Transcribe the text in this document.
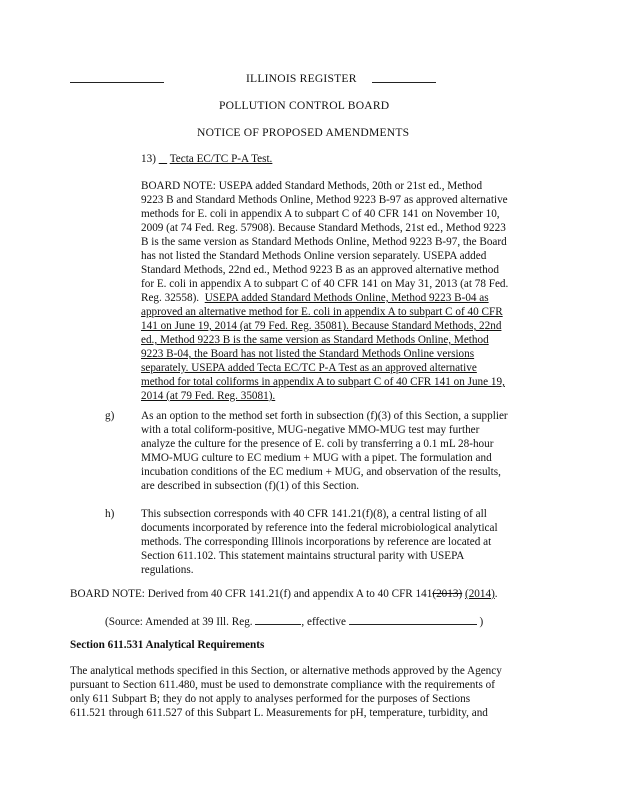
ILLINOIS REGISTER
POLLUTION CONTROL BOARD
NOTICE OF PROPOSED AMENDMENTS
13) Tecta EC/TC P-A Test.
BOARD NOTE: USEPA added Standard Methods, 20th or 21st ed., Method
9223 B and Standard Methods Online, Method 9223 B-97 as approved alternative
methods for E. coli in appendix A to subpart C of 40 CFR 141 on November 10,
2009 (at 74 Fed. Reg. 57908). Because Standard Methods, 21st ed., Method 9223
B is the same version as Standard Methods Online, Method 9223 B-97, the Board
has not listed the Standard Methods Online version separately. USEPA added
Standard Methods, 22nd ed., Method 9223 B as an approved alternative method
for E. coli in appendix A to subpart C of 40 CFR 141 on May 31, 2013 (at 78 Fed.
Reg. 32558). USEPA added Standard Methods Online, Method 9223 B-04 as
approved an alternative method for E. coli in appendix A to subpart C of 40 CFR
141 on June 19, 2014 (at 79 Fed. Reg. 35081). Because Standard Methods, 22nd
ed., Method 9223 B is the same version as Standard Methods Online, Method
9223 B-04, the Board has not listed the Standard Methods Online versions
separately. USEPA added Tecta EC/TC P-A Test as an approved alternative
method for total coliforms in appendix A to subpart C of 40 CFR 141 on June 19,
2014 (at 79 Fed. Reg. 35081).
g) As an option to the method set forth in subsection (f)(3) of this Section, a supplier
with a total coliform-positive, MUG-negative MMO-MUG test may further
analyze the culture for the presence of E. coli by transferring a 0.1 mL 28-hour
MMO-MUG culture to EC medium + MUG with a pipet. The formulation and
incubation conditions of the EC medium + MUG, and observation of the results,
are described in subsection (f)(1) of this Section.
h) This subsection corresponds with 40 CFR 141.21(f)(8), a central listing of all
documents incorporated by reference into the federal microbiological analytical
methods. The corresponding Illinois incorporations by reference are located at
Section 611.102. This statement maintains structural parity with USEPA
regulations.
BOARD NOTE: Derived from 40 CFR 141.21(f) and appendix A to 40 CFR 141(2013) (2014).
(Source: Amended at 39 Ill. Reg.	, effective	)
Section 611.531 Analytical Requirements
The analytical methods specified in this Section, or alternative methods approved by the Agency
pursuant to Section 611.480, must be used to demonstrate compliance with the requirements of
only 611 Subpart B; they do not apply to analyses performed for the purposes of Sections
611.521 through 611.527 of this Subpart L. Measurements for pH, temperature, turbidity, and
